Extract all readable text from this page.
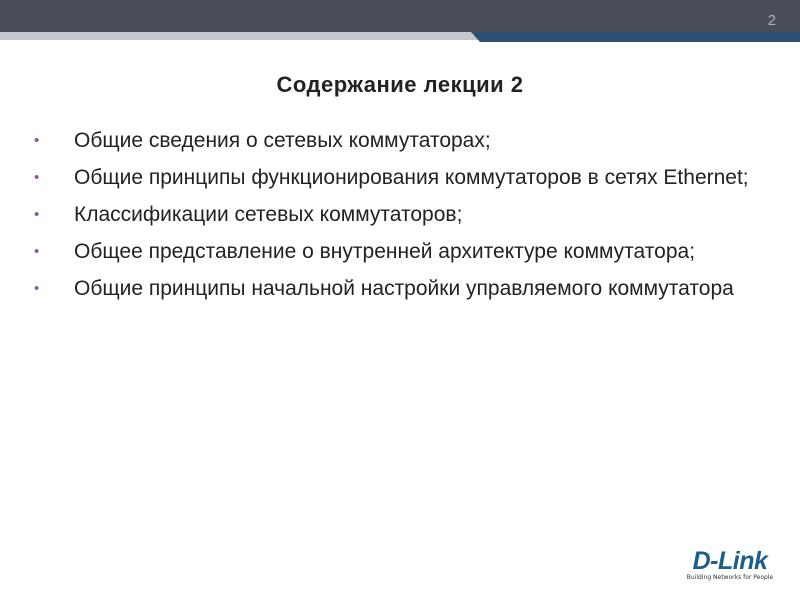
2
Содержание лекции 2
•	Общие сведения о сетевых коммутаторах;
•	Общие принципы функционирования коммутаторов в сетях Ethernet;
•	Классификации сетевых коммутаторов;
•	Общее представление о внутренней архитектуре коммутатора;
•	Общие принципы начальной настройки управляемого коммутатора
D-Link
Building Networks for People
